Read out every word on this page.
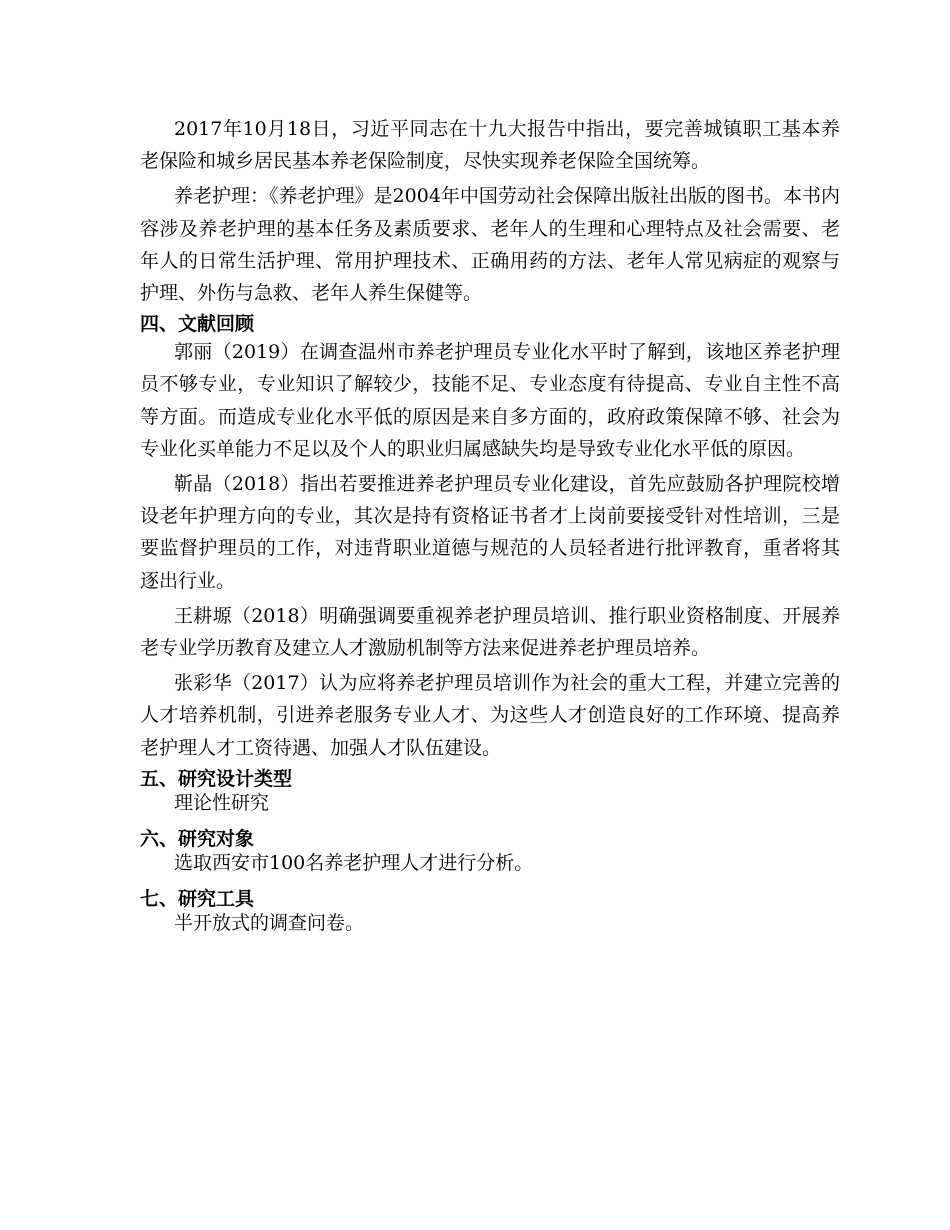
2017年10月18日，习近平同志在十九大报告中指出，要完善城镇职工基本养老保险和城乡居民基本养老保险制度，尽快实现养老保险全国统筹。

养老护理：《养老护理》是2004年中国劳动社会保障出版社出版的图书。本书内容涉及养老护理的基本任务及素质要求、老年人的生理和心理特点及社会需要、老年人的日常生活护理、常用护理技术、正确用药的方法、老年人常见病症的观察与护理、外伤与急救、老年人养生保健等。

四、文献回顾

郭丽（2019）在调查温州市养老护理员专业化水平时了解到，该地区养老护理员不够专业，专业知识了解较少，技能不足、专业态度有待提高、专业自主性不高等方面。而造成专业化水平低的原因是来自多方面的，政府政策保障不够、社会为专业化买单能力不足以及个人的职业归属感缺失均是导致专业化水平低的原因。

靳晶（2018）指出若要推进养老护理员专业化建设，首先应鼓励各护理院校增设老年护理方向的专业，其次是持有资格证书者才上岗前要接受针对性培训，三是要监督护理员的工作，对违背职业道德与规范的人员轻者进行批评教育，重者将其逐出行业。

王耕塬（2018）明确强调要重视养老护理员培训、推行职业资格制度、开展养老专业学历教育及建立人才激励机制等方法来促进养老护理员培养。

张彩华（2017）认为应将养老护理员培训作为社会的重大工程，并建立完善的人才培养机制，引进养老服务专业人才、为这些人才创造良好的工作环境、提高养老护理人才工资待遇、加强人才队伍建设。

五、研究设计类型

理论性研究

六、研究对象

选取西安市100名养老护理人才进行分析。

七、研究工具

半开放式的调查问卷。
